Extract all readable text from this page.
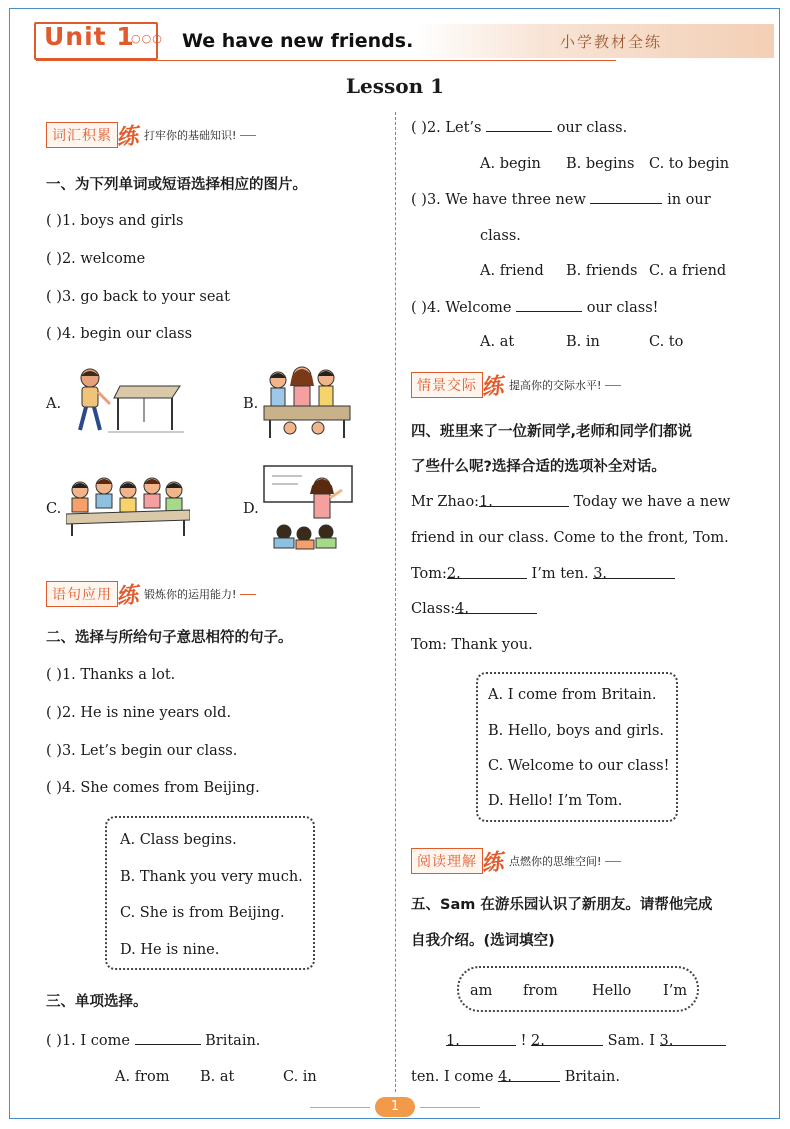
小学教材全练
Unit 1
○○○ We have new friends.
Lesson 1
词汇积累 练 打牢你的基础知识!
一、为下列单词或短语选择相应的图片。
( )1. boys and girls
( )2. welcome
( )3. go back to your seat
( )4. begin our class
A.	B.
C.	D.
语句应用 练 锻炼你的运用能力!
二、选择与所给句子意思相符的句子。
( )1. Thanks a lot.
( )2. He is nine years old.
( )3. Let’s begin our class.
( )4. She comes from Beijing.
A. Class begins.
B. Thank you very much.
C. She is from Beijing.
D. He is nine.
三、单项选择。
( )1. I come	Britain.
A. from B. at	C. in
( )2. Let’s	our class.
A. begin B. begins C. to begin
( )3. We have three new	in our
class.
A. friend B. friends C. a friend
( )4. Welcome	our class!
A. at	B. in	C. to
情景交际 练 提高你的交际水平!
四、班里来了一位新同学,老师和同学们都说
了些什么呢?选择合适的选项补全对话。
Mr Zhao:1.	Today we have a new
friend in our class. Come to the front, Tom.
Tom:2.	I’m ten. 3.
Class:4.
Tom: Thank you.
A. I come from Britain.
B. Hello, boys and girls.
C. Welcome to our class!
D. Hello! I’m Tom.
阅读理解 练 点燃你的思维空间!
五、Sam 在游乐园认识了新朋友。请帮他完成
自我介绍。(选词填空)
am from Hello I’m
1.	! 2.	Sam. I 3.
ten. I come 4.	Britain.
1
